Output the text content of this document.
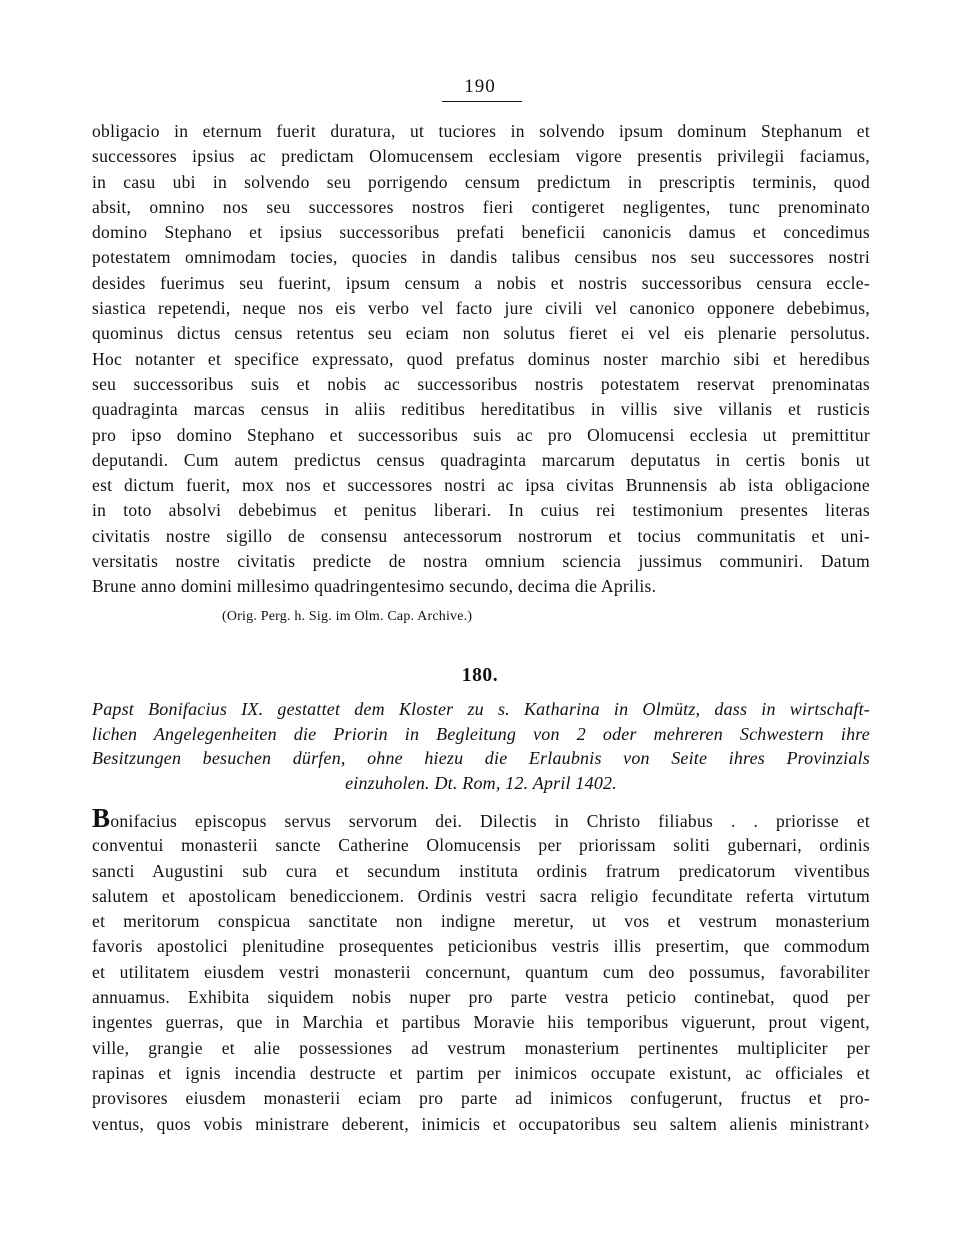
190
obligacio in eternum fuerit duratura, ut tuciores in solvendo ipsum dominum Stephanum et
successores ipsius ac predictam Olomucensem ecclesiam vigore presentis privilegii faciamus,
in casu ubi in solvendo seu porrigendo censum predictum in prescriptis terminis, quod
absit, omnino nos seu successores nostros fieri contigeret negligentes, tunc prenominato
domino Stephano et ipsius successoribus prefati beneficii canonicis damus et concedimus
potestatem omnimodam tocies, quocies in dandis talibus censibus nos seu successores nostri
desides fuerimus seu fuerint, ipsum censum a nobis et nostris successoribus censura eccle-
siastica repetendi, neque nos eis verbo vel facto jure civili vel canonico opponere debebimus,
quominus dictus census retentus seu eciam non solutus fieret ei vel eis plenarie persolutus.
Hoc notanter et specifice expressato, quod prefatus dominus noster marchio sibi et heredibus
seu successoribus suis et nobis ac successoribus nostris potestatem reservat prenominatas
quadraginta marcas census in aliis reditibus hereditatibus in villis sive villanis et rusticis
pro ipso domino Stephano et successoribus suis ac pro Olomucensi ecclesia ut premittitur
deputandi. Cum autem predictus census quadraginta marcarum deputatus in certis bonis ut
est dictum fuerit, mox nos et successores nostri ac ipsa civitas Brunnensis ab ista obligacione
in toto absolvi debebimus et penitus liberari. In cuius rei testimonium presentes literas
civitatis nostre sigillo de consensu antecessorum nostrorum et tocius communitatis et uni-
versitatis nostre civitatis predicte de nostra omnium sciencia jussimus communiri. Datum
Brune anno domini millesimo quadringentesimo secundo, decima die Aprilis.
(Orig. Perg. h. Sig. im Olm. Cap. Archive.)
180.
Papst Bonifacius IX. gestattet dem Kloster zu s. Katharina in Olmütz, dass in wirtschaft-
lichen Angelegenheiten die Priorin in Begleitung von 2 oder mehreren Schwestern ihre
Besitzungen besuchen dürfen, ohne hiezu die Erlaubnis von Seite ihres Provinzials
einzuholen. Dt. Rom, 12. April 1402.
Bonifacius episcopus servus servorum dei. Dilectis in Christo filiabus . . priorisse et
conventui monasterii sancte Catherine Olomucensis per priorissam soliti gubernari, ordinis
sancti Augustini sub cura et secundum instituta ordinis fratrum predicatorum viventibus
salutem et apostolicam benediccionem. Ordinis vestri sacra religio fecunditate referta virtutum
et meritorum conspicua sanctitate non indigne meretur, ut vos et vestrum monasterium
favoris apostolici plenitudine prosequentes peticionibus vestris illis presertim, que commodum
et utilitatem eiusdem vestri monasterii concernunt, quantum cum deo possumus, favorabiliter
annuamus. Exhibita siquidem nobis nuper pro parte vestra peticio continebat, quod per
ingentes guerras, que in Marchia et partibus Moravie hiis temporibus viguerunt, prout vigent,
ville, grangie et alie possessiones ad vestrum monasterium pertinentes multipliciter per
rapinas et ignis incendia destructe et partim per inimicos occupate existunt, ac officiales et
provisores eiusdem monasterii eciam pro parte ad inimicos confugerunt, fructus et pro-
ventus, quos vobis ministrare deberent, inimicis et occupatoribus seu saltem alienis ministrant›
